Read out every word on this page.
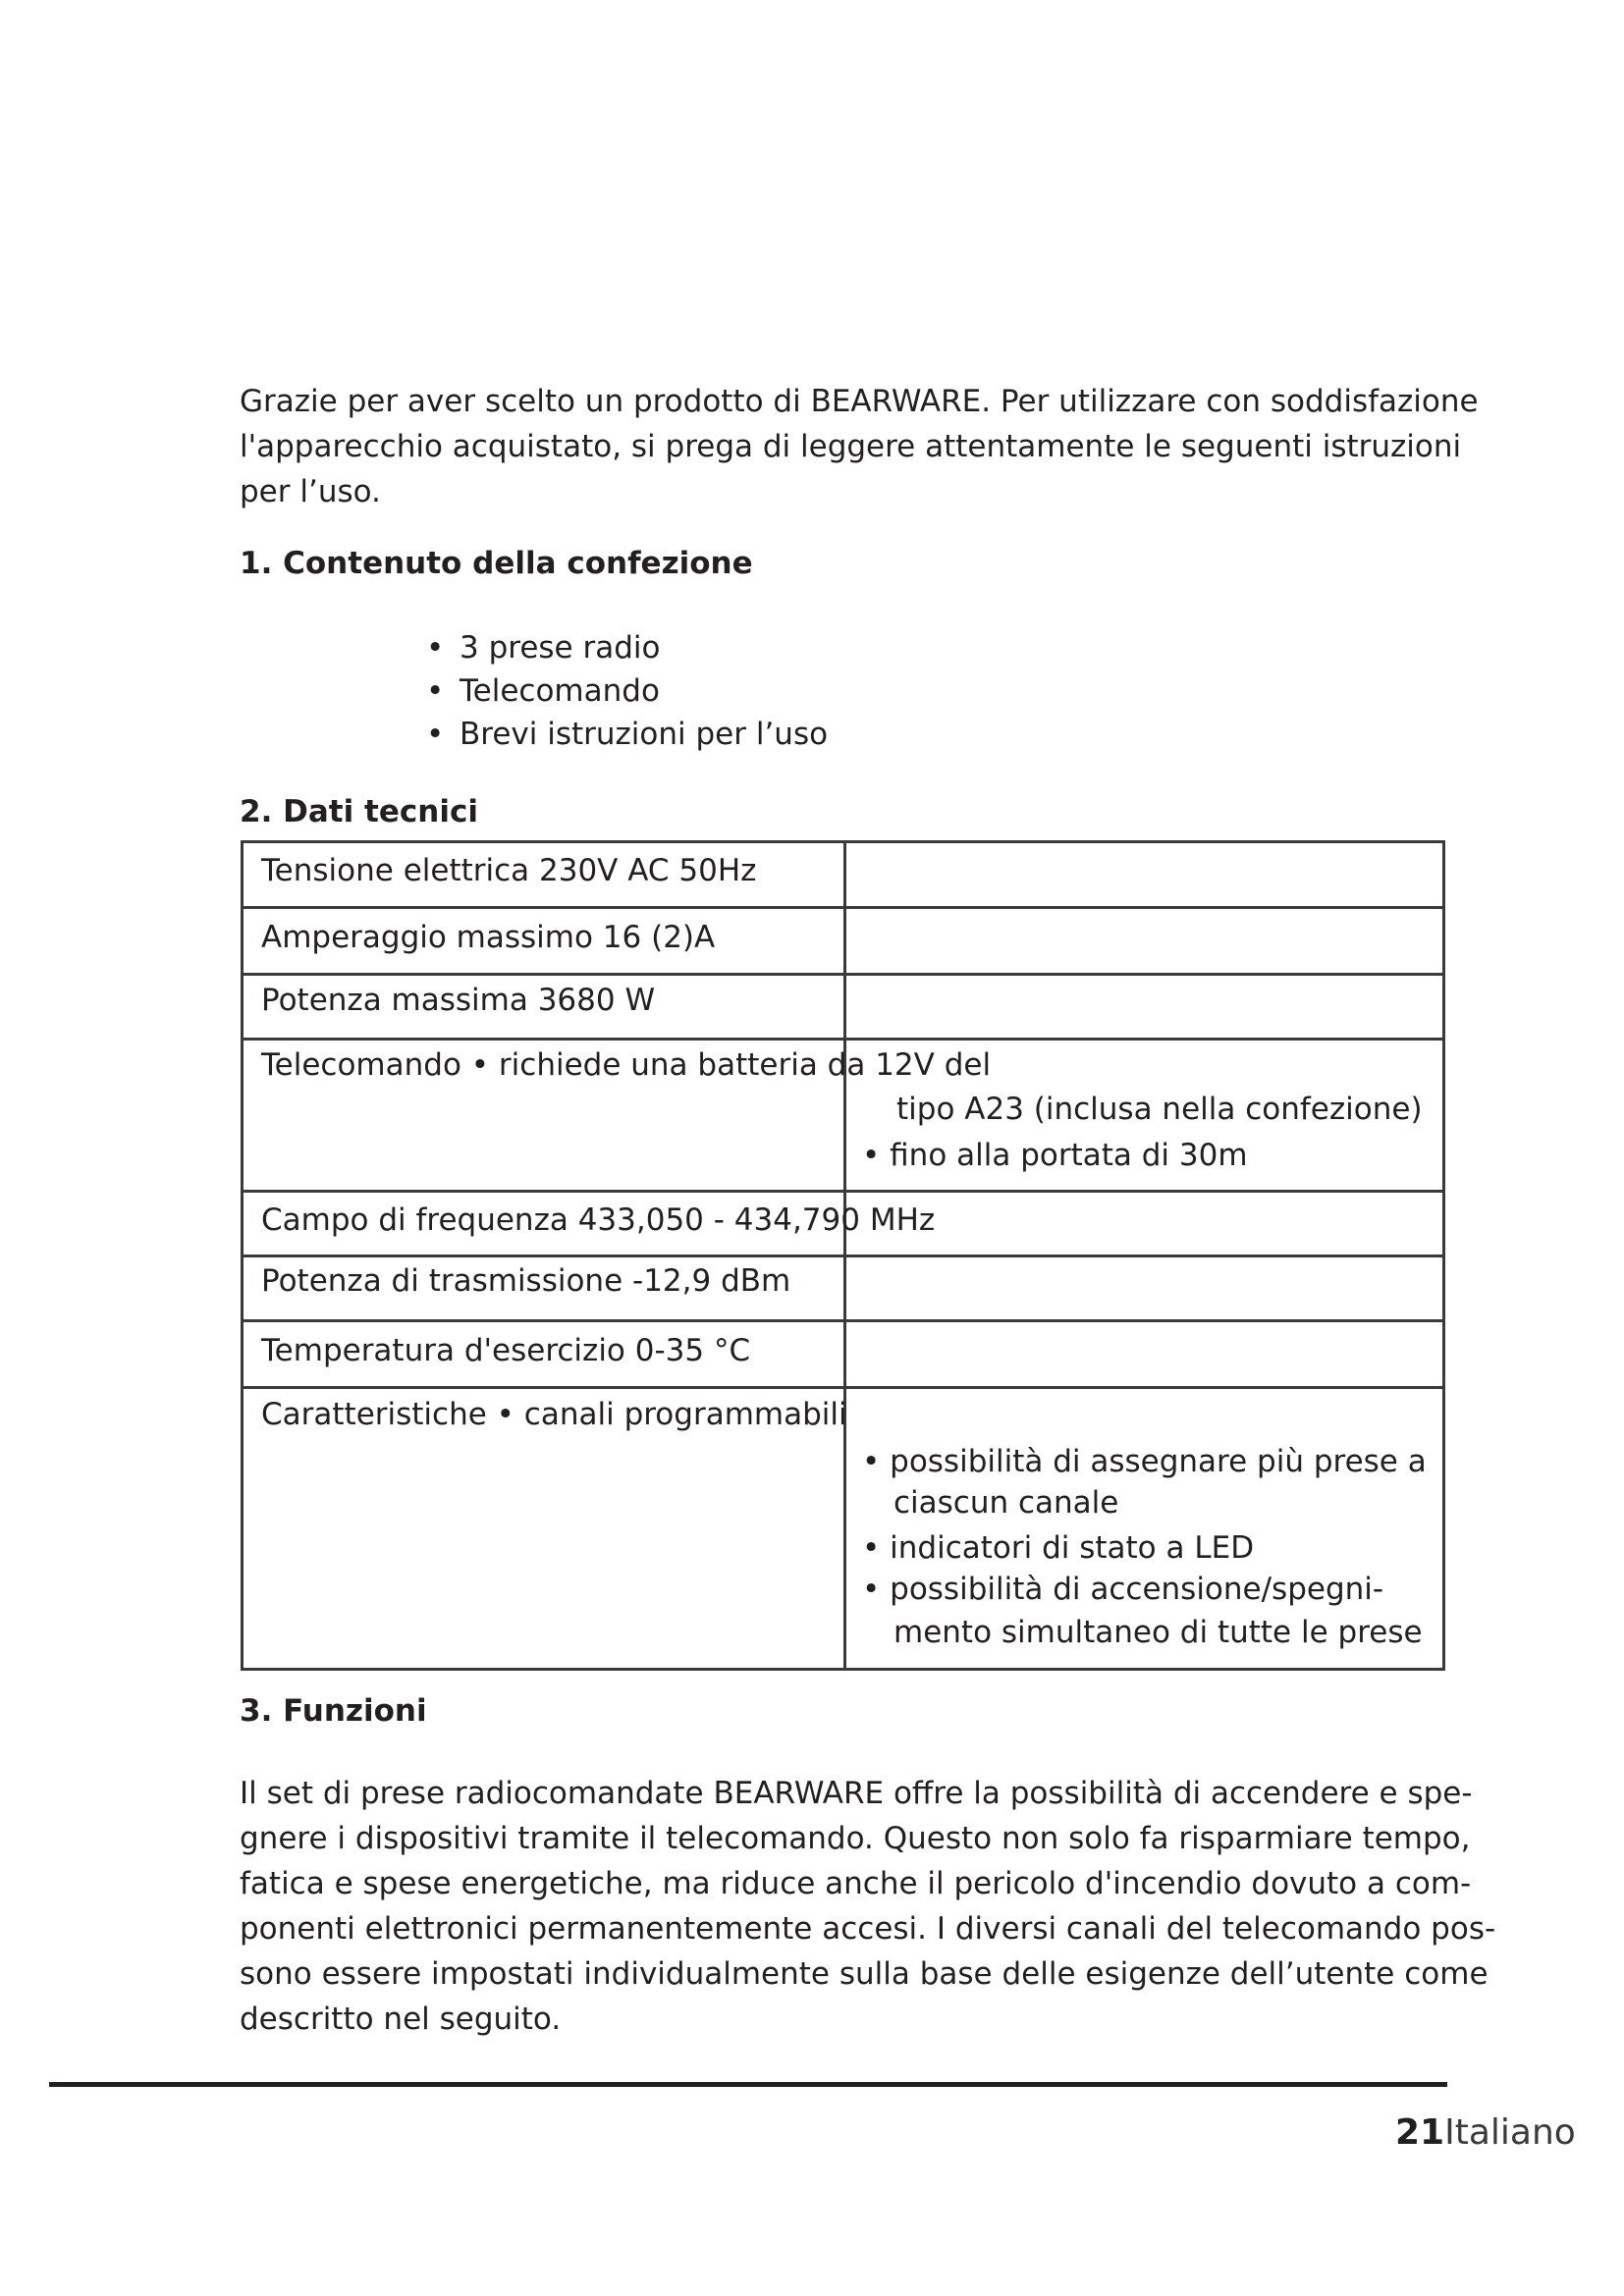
Grazie per aver scelto un prodotto di BEARWARE. Per utilizzare con soddisfazione
l'apparecchio acquistato, si prega di leggere attentamente le seguenti istruzioni
per l’uso.
1. Contenuto della confezione
• 3 prese radio
• Telecomando
• Brevi istruzioni per l’uso
2. Dati tecnici
Tensione elettrica 230V AC 50Hz	

Amperaggio massimo 16 (2)A	

Potenza massima 3680 W	

Telecomando • richiede una batteria da 12V del	tipo A23 (inclusa nella confezione)
• fino alla portata di 30m

Campo di frequenza 433,050 - 434,790 MHz	

Potenza di trasmissione -12,9 dBm	

Temperatura d'esercizio 0-35 °C	

Caratteristiche • canali programmabili	• possibilità di assegnare più prese a
ciascun canale
• indicatori di stato a LED
• possibilità di accensione/spegni-
mento simultaneo di tutte le prese
3. Funzioni
Il set di prese radiocomandate BEARWARE offre la possibilità di accendere e spe-
gnere i dispositivi tramite il telecomando. Questo non solo fa risparmiare tempo,
fatica e spese energetiche, ma riduce anche il pericolo d'incendio dovuto a com-
ponenti elettronici permanentemente accesi. I diversi canali del telecomando pos-
sono essere impostati individualmente sulla base delle esigenze dell’utente come
descritto nel seguito.
21Italiano
